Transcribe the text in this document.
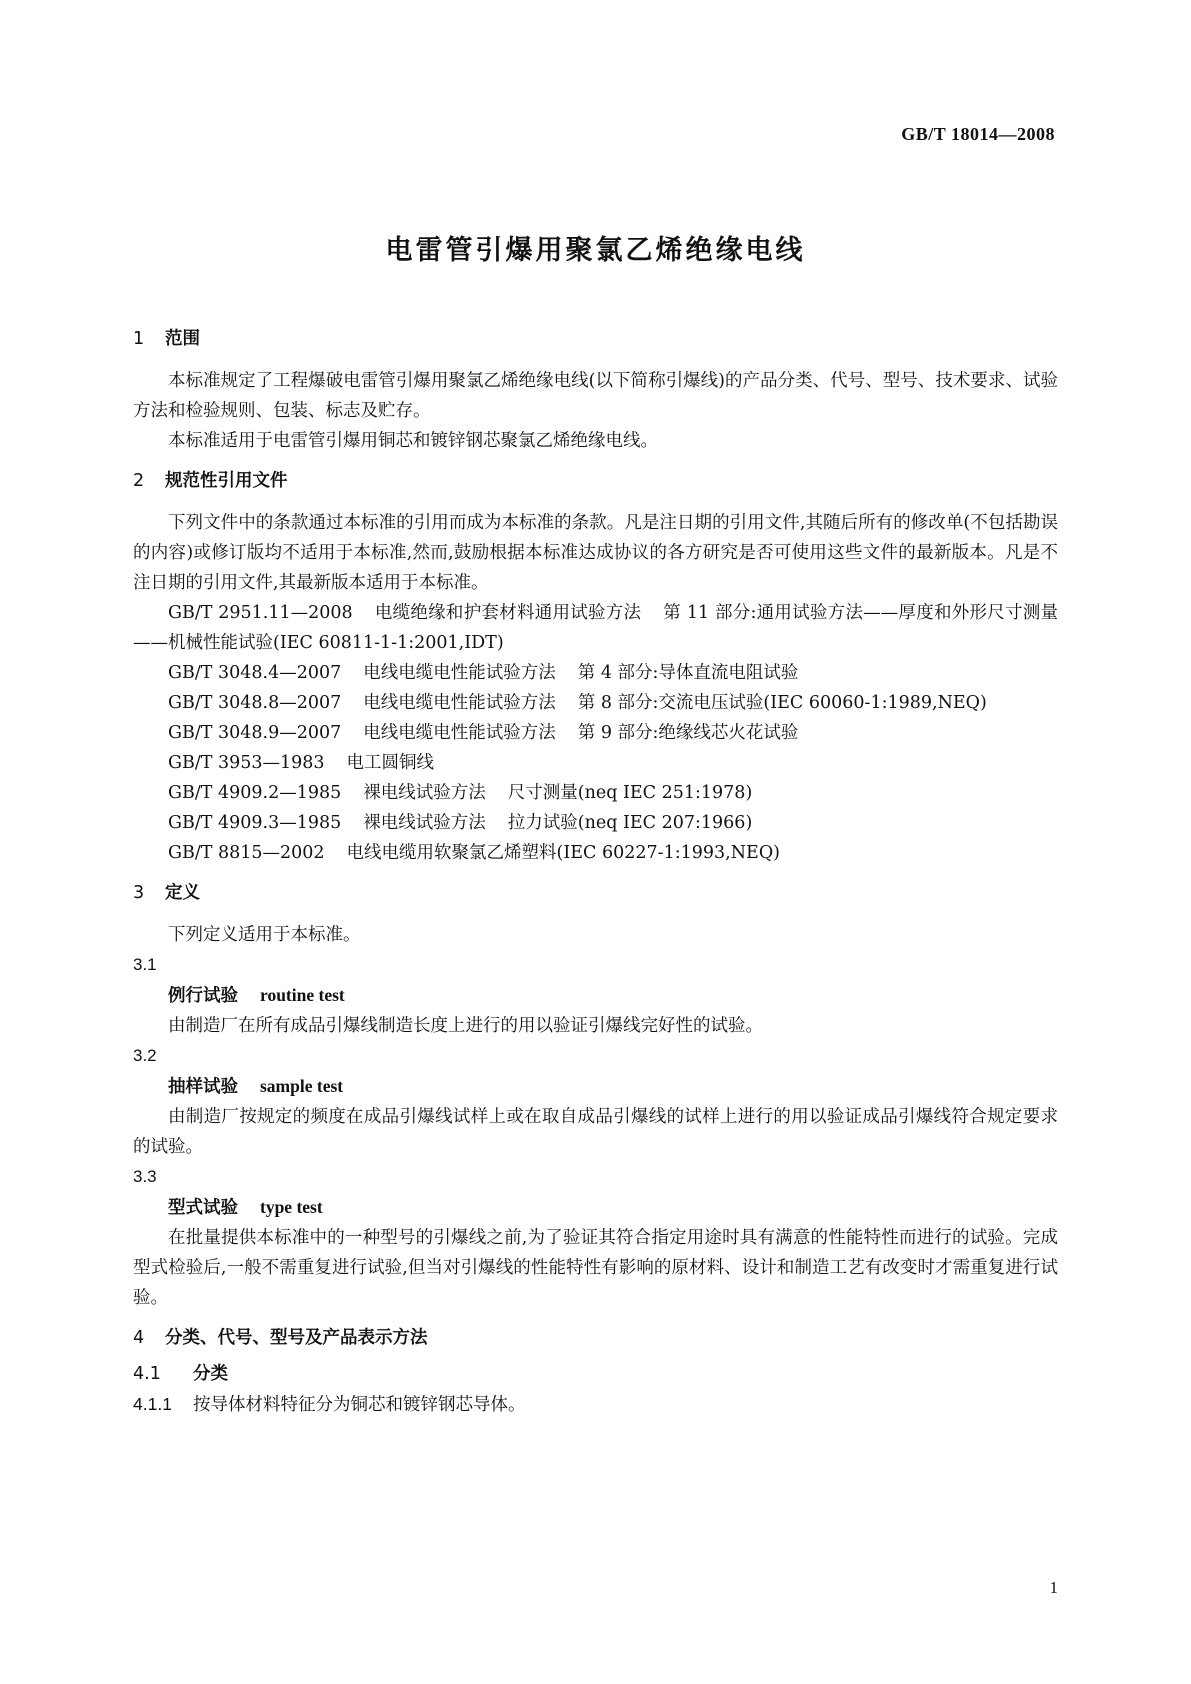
GB/T 18014—2008
电雷管引爆用聚氯乙烯绝缘电线

1 范围

本标准规定了工程爆破电雷管引爆用聚氯乙烯绝缘电线(以下简称引爆线)的产品分类、代号、型号、技术要求、试验方法和检验规则、包装、标志及贮存。

本标准适用于电雷管引爆用铜芯和镀锌钢芯聚氯乙烯绝缘电线。

2 规范性引用文件

下列文件中的条款通过本标准的引用而成为本标准的条款。凡是注日期的引用文件,其随后所有的修改单(不包括勘误的内容)或修订版均不适用于本标准,然而,鼓励根据本标准达成协议的各方研究是否可使用这些文件的最新版本。凡是不注日期的引用文件,其最新版本适用于本标准。

GB/T 2951.11—2008 电缆绝缘和护套材料通用试验方法 第 11 部分:通用试验方法——厚度和外形尺寸测量——机械性能试验(IEC 60811-1-1:2001,IDT)

GB/T 3048.4—2007 电线电缆电性能试验方法 第 4 部分:导体直流电阻试验

GB/T 3048.8—2007 电线电缆电性能试验方法 第 8 部分:交流电压试验(IEC 60060-1:1989,NEQ)

GB/T 3048.9—2007 电线电缆电性能试验方法 第 9 部分:绝缘线芯火花试验

GB/T 3953—1983 电工圆铜线

GB/T 4909.2—1985 裸电线试验方法 尺寸测量(neq IEC 251:1978)

GB/T 4909.3—1985 裸电线试验方法 拉力试验(neq IEC 207:1966)

GB/T 8815—2002 电线电缆用软聚氯乙烯塑料(IEC 60227-1:1993,NEQ)

3 定义

下列定义适用于本标准。

3.1

例行试验 routine test

由制造厂在所有成品引爆线制造长度上进行的用以验证引爆线完好性的试验。

3.2

抽样试验 sample test

由制造厂按规定的频度在成品引爆线试样上或在取自成品引爆线的试样上进行的用以验证成品引爆线符合规定要求的试验。

3.3

型式试验 type test

在批量提供本标准中的一种型号的引爆线之前,为了验证其符合指定用途时具有满意的性能特性而进行的试验。完成型式检验后,一般不需重复进行试验,但当对引爆线的性能特性有影响的原材料、设计和制造工艺有改变时才需重复进行试验。

4 分类、代号、型号及产品表示方法

4.1 分类

4.1.1 按导体材料特征分为铜芯和镀锌钢芯导体。

1
